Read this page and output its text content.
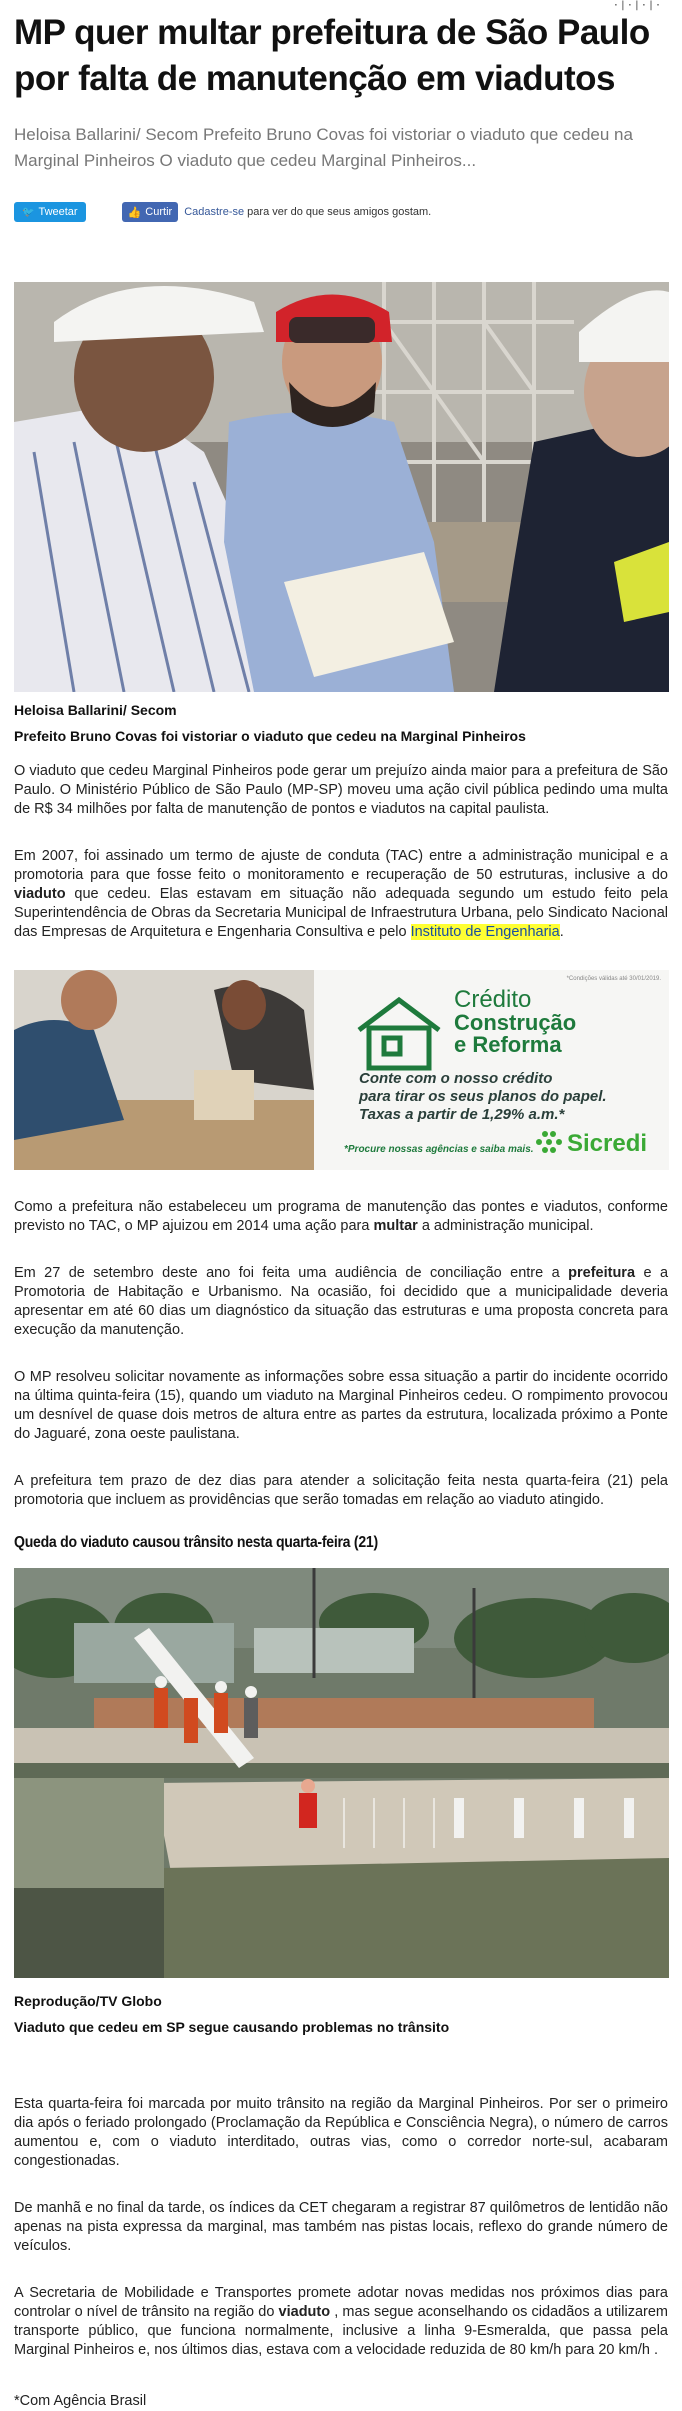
·|·|·|·
MP quer multar prefeitura de São Paulo por falta de manutenção em viadutos
Heloisa Ballarini/ Secom Prefeito Bruno Covas foi vistoriar o viaduto que cedeu na Marginal Pinheiros O viaduto que cedeu Marginal Pinheiros...
🐦 Tweetar	👍 Curtir Cadastre-se para ver do que seus amigos gostam.
Heloisa Ballarini/ Secom
Prefeito Bruno Covas foi vistoriar o viaduto que cedeu na Marginal Pinheiros

O viaduto que cedeu Marginal Pinheiros pode gerar um prejuízo ainda maior para a prefeitura de São Paulo. O Ministério Público de São Paulo (MP-SP) moveu uma ação civil pública pedindo uma multa de R$ 34 milhões por falta de manutenção de pontos e viadutos na capital paulista.

Em 2007, foi assinado um termo de ajuste de conduta (TAC) entre a administração municipal e a promotoria para que fosse feito o monitoramento e recuperação de 50 estruturas, inclusive a do viaduto que cedeu. Elas estavam em situação não adequada segundo um estudo feito pela Superintendência de Obras da Secretaria Municipal de Infraestrutura Urbana, pelo Sindicato Nacional das Empresas de Arquitetura e Engenharia Consultiva e pelo Instituto de Engenharia.

*Condições válidas até 30/01/2019.
Crédito
Construção
e Reforma
Conte com o nosso crédito
para tirar os seus planos do papel.
Taxas a partir de 1,29% a.m.*
*Procure nossas agências e saiba mais. Sicredi

Como a prefeitura não estabeleceu um programa de manutenção das pontes e viadutos, conforme previsto no TAC, o MP ajuizou em 2014 uma ação para multar a administração municipal.

Em 27 de setembro deste ano foi feita uma audiência de conciliação entre a prefeitura e a Promotoria de Habitação e Urbanismo. Na ocasião, foi decidido que a municipalidade deveria apresentar em até 60 dias um diagnóstico da situação das estruturas e uma proposta concreta para execução da manutenção.

O MP resolveu solicitar novamente as informações sobre essa situação a partir do incidente ocorrido na última quinta-feira (15), quando um viaduto na Marginal Pinheiros cedeu. O rompimento provocou um desnível de quase dois metros de altura entre as partes da estrutura, localizada próximo a Ponte do Jaguaré, zona oeste paulistana.

A prefeitura tem prazo de dez dias para atender a solicitação feita nesta quarta-feira (21) pela promotoria que incluem as providências que serão tomadas em relação ao viaduto atingido.

Queda do viaduto causou trânsito nesta quarta-feira (21)
Reprodução/TV Globo
Viaduto que cedeu em SP segue causando problemas no trânsito

Esta quarta-feira foi marcada por muito trânsito na região da Marginal Pinheiros. Por ser o primeiro dia após o feriado prolongado (Proclamação da República e Consciência Negra), o número de carros aumentou e, com o viaduto interditado, outras vias, como o corredor norte-sul, acabaram congestionadas.

De manhã e no final da tarde, os índices da CET chegaram a registrar 87 quilômetros de lentidão não apenas na pista expressa da marginal, mas também nas pistas locais, reflexo do grande número de veículos.

A Secretaria de Mobilidade e Transportes promete adotar novas medidas nos próximos dias para controlar o nível de trânsito na região do viaduto , mas segue aconselhando os cidadãos a utilizarem transporte público, que funciona normalmente, inclusive a linha 9-Esmeralda, que passa pela Marginal Pinheiros e, nos últimos dias, estava com a velocidade reduzida de 80 km/h para 20 km/h .

*Com Agência Brasil
